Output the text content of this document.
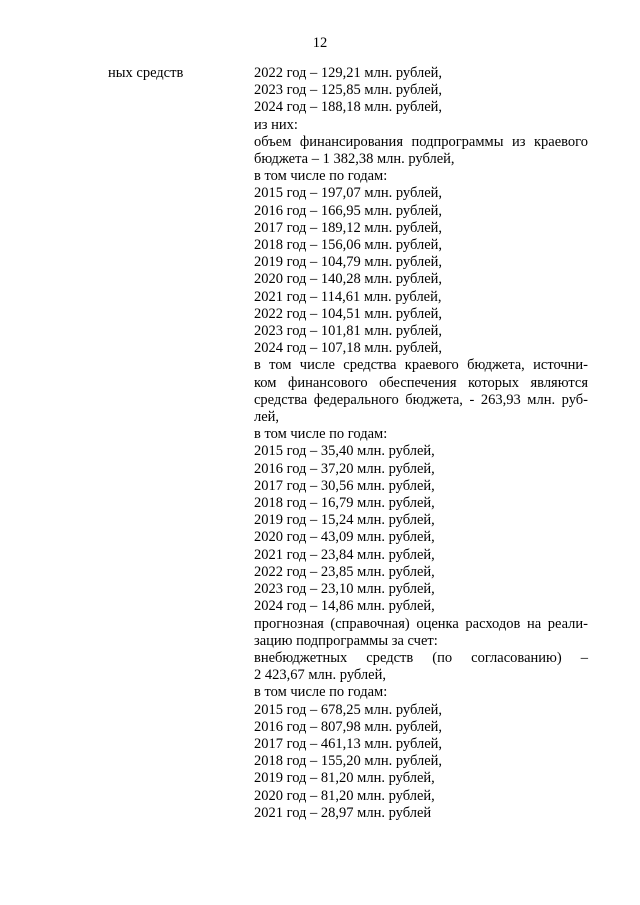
12
ных средств	2022 год – 129,21 млн. рублей,
2023 год – 125,85 млн. рублей,
2024 год – 188,18 млн. рублей,
из них:
объем финансирования подпрограммы из краевого
бюджета – 1 382,38 млн. рублей,
в том числе по годам:
2015 год – 197,07 млн. рублей,
2016 год – 166,95 млн. рублей,
2017 год – 189,12 млн. рублей,
2018 год – 156,06 млн. рублей,
2019 год – 104,79 млн. рублей,
2020 год – 140,28 млн. рублей,
2021 год – 114,61 млн. рублей,
2022 год – 104,51 млн. рублей,
2023 год – 101,81 млн. рублей,
2024 год – 107,18 млн. рублей,
в том числе средства краевого бюджета, источни-
ком финансового обеспечения которых являются
средства федерального бюджета, - 263,93 млн. руб-
лей,
в том числе по годам:
2015 год – 35,40 млн. рублей,
2016 год – 37,20 млн. рублей,
2017 год – 30,56 млн. рублей,
2018 год – 16,79 млн. рублей,
2019 год – 15,24 млн. рублей,
2020 год – 43,09 млн. рублей,
2021 год – 23,84 млн. рублей,
2022 год – 23,85 млн. рублей,
2023 год – 23,10 млн. рублей,
2024 год – 14,86 млн. рублей,
прогнозная (справочная) оценка расходов на реали-
зацию подпрограммы за счет:
внебюджетных средств (по согласованию) –
2 423,67 млн. рублей,
в том числе по годам:
2015 год – 678,25 млн. рублей,
2016 год – 807,98 млн. рублей,
2017 год – 461,13 млн. рублей,
2018 год – 155,20 млн. рублей,
2019 год – 81,20 млн. рублей,
2020 год – 81,20 млн. рублей,
2021 год – 28,97 млн. рублей
